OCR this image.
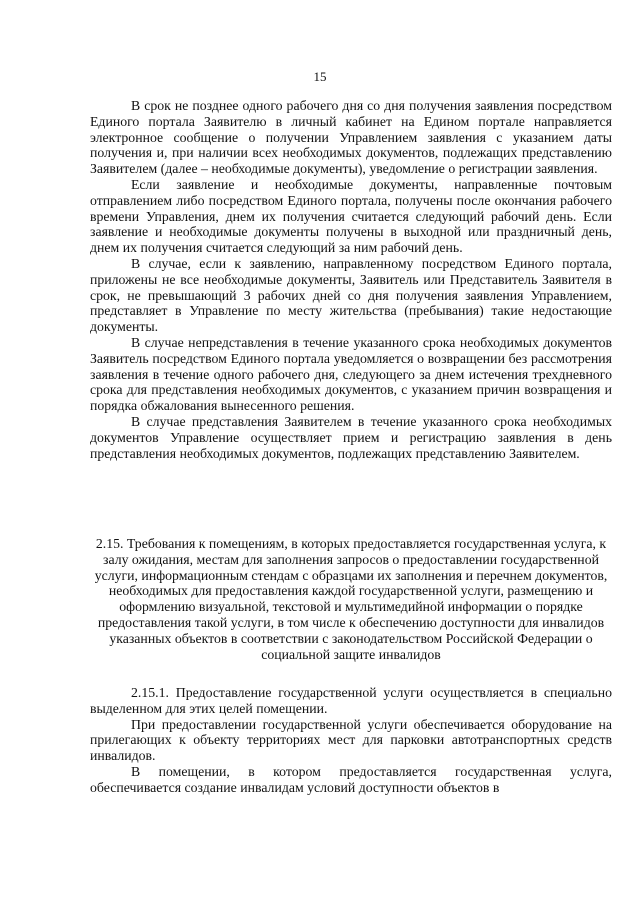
15

В срок не позднее одного рабочего дня со дня получения заявления посредством Единого портала Заявителю в личный кабинет на Едином портале направляется электронное сообщение о получении Управлением заявления с указанием даты получения и, при наличии всех необходимых документов, подлежащих представлению Заявителем (далее – необходимые документы), уведомление о регистрации заявления.

Если заявление и необходимые документы, направленные почтовым отправлением либо посредством Единого портала, получены после окончания рабочего времени Управления, днем их получения считается следующий рабочий день. Если заявление и необходимые документы получены в выходной или праздничный день, днем их получения считается следующий за ним рабочий день.

В случае, если к заявлению, направленному посредством Единого портала, приложены не все необходимые документы, Заявитель или Представитель Заявителя в срок, не превышающий 3 рабочих дней со дня получения заявления Управлением, представляет в Управление по месту жительства (пребывания) такие недостающие документы.

В случае непредставления в течение указанного срока необходимых документов Заявитель посредством Единого портала уведомляется о возвращении без рассмотрения заявления в течение одного рабочего дня, следующего за днем истечения трехдневного срока для представления необходимых документов, с указанием причин возвращения и порядка обжалования вынесенного решения.

В случае представления Заявителем в течение указанного срока необходимых документов Управление осуществляет прием и регистрацию заявления в день представления необходимых документов, подлежащих представлению Заявителем.

2.15. Требования к помещениям, в которых предоставляется государственная услуга, к залу ожидания, местам для заполнения запросов о предоставлении государственной услуги, информационным стендам с образцами их заполнения и перечнем документов, необходимых для предоставления каждой государственной услуги, размещению и оформлению визуальной, текстовой и мультимедийной информации о порядке предоставления такой услуги, в том числе к обеспечению доступности для инвалидов указанных объектов в соответствии с законодательством Российской Федерации о социальной защите инвалидов

2.15.1. Предоставление государственной услуги осуществляется в специально выделенном для этих целей помещении.

При предоставлении государственной услуги обеспечивается оборудование на прилегающих к объекту территориях мест для парковки автотранспортных средств инвалидов.

В помещении, в котором предоставляется государственная услуга, обеспечивается создание инвалидам условий доступности объектов в
